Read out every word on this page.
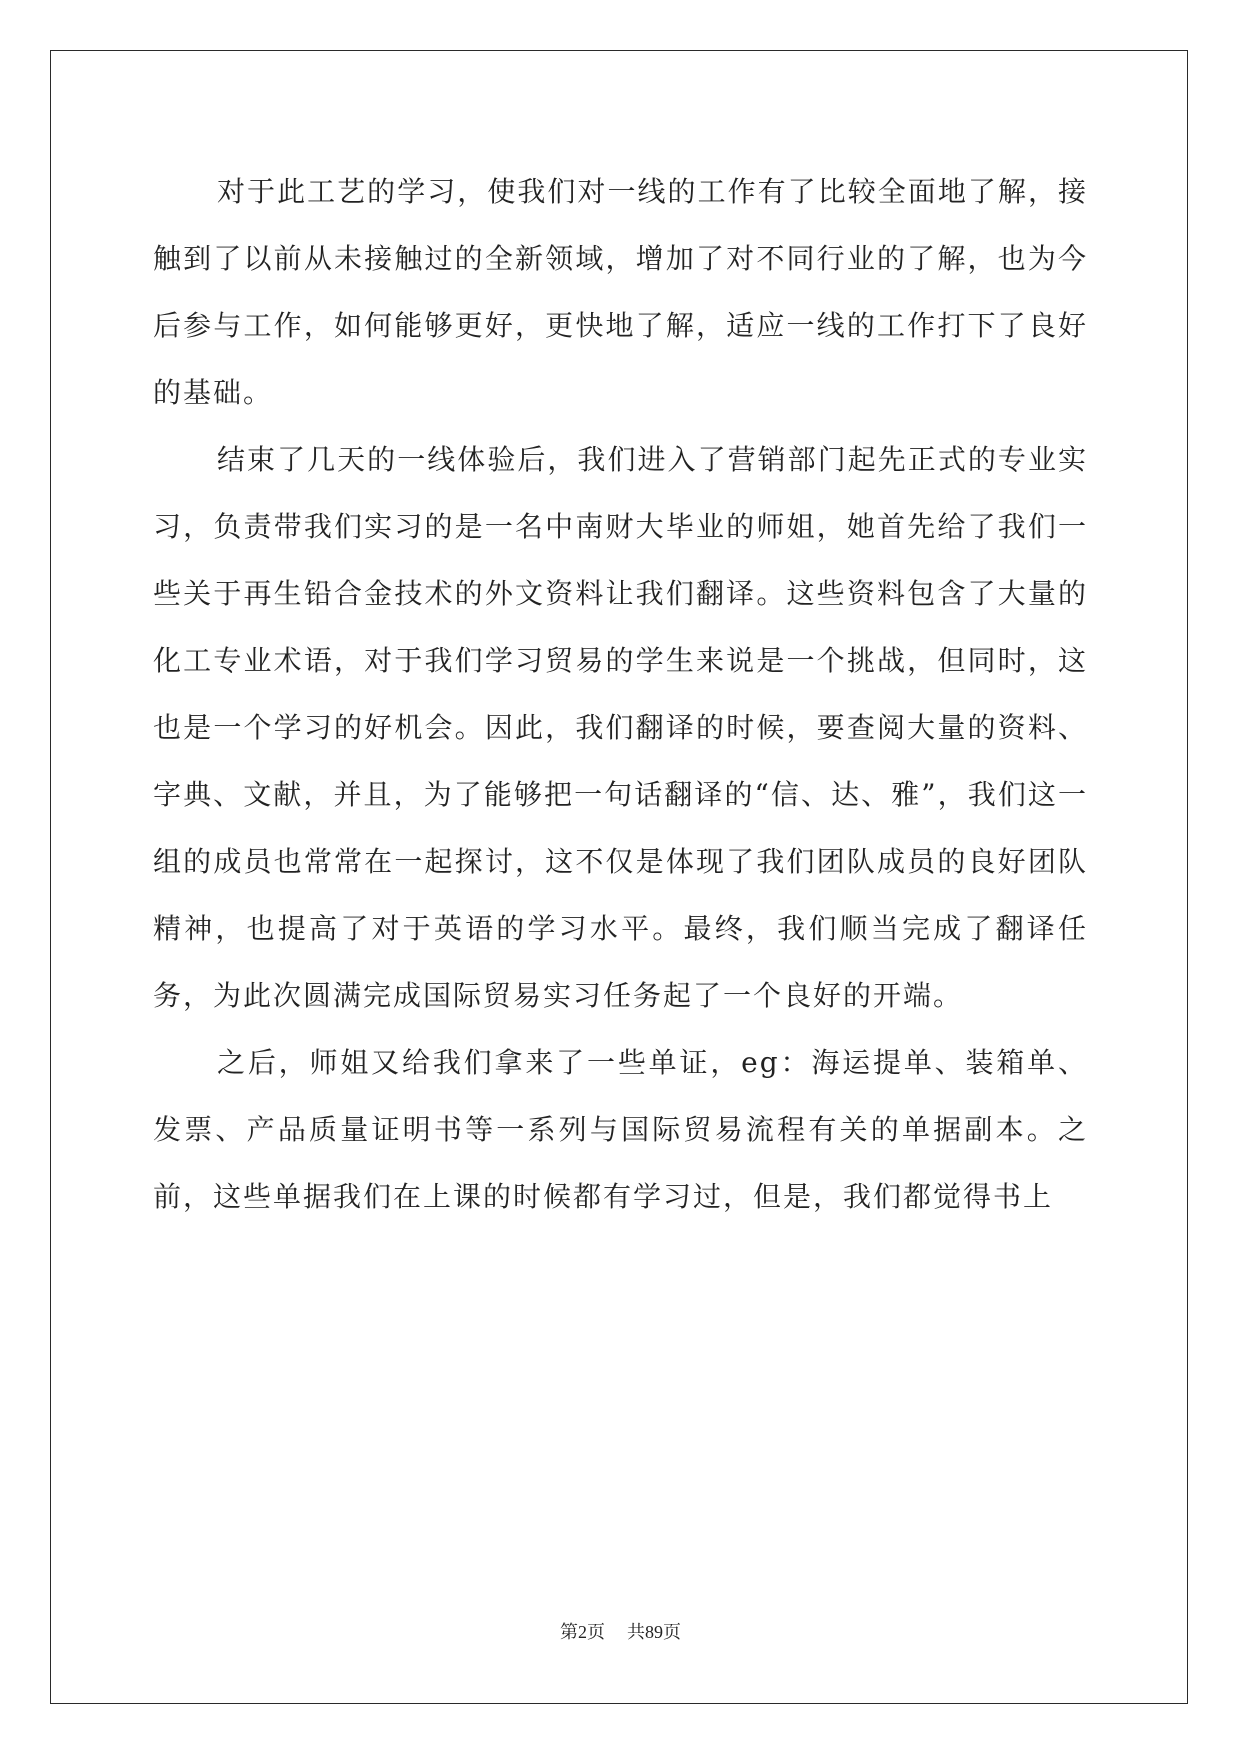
对于此工艺的学习，使我们对一线的工作有了比较全面地了解，接触到了以前从未接触过的全新领域，增加了对不同行业的了解，也为今后参与工作，如何能够更好，更快地了解，适应一线的工作打下了良好的基础。

结束了几天的一线体验后，我们进入了营销部门起先正式的专业实习，负责带我们实习的是一名中南财大毕业的师姐，她首先给了我们一些关于再生铅合金技术的外文资料让我们翻译。这些资料包含了大量的化工专业术语，对于我们学习贸易的学生来说是一个挑战，但同时，这也是一个学习的好机会。因此，我们翻译的时候，要查阅大量的资料、字典、文献，并且，为了能够把一句话翻译的“信、达、雅”，我们这一组的成员也常常在一起探讨，这不仅是体现了我们团队成员的良好团队精神，也提高了对于英语的学习水平。最终，我们顺当完成了翻译任务，为此次圆满完成国际贸易实习任务起了一个良好的开端。

之后，师姐又给我们拿来了一些单证，eg：海运提单、装箱单、发票、产品质量证明书等一系列与国际贸易流程有关的单据副本。之前，这些单据我们在上课的时候都有学习过，但是，我们都觉得书上

第2页 共89页
